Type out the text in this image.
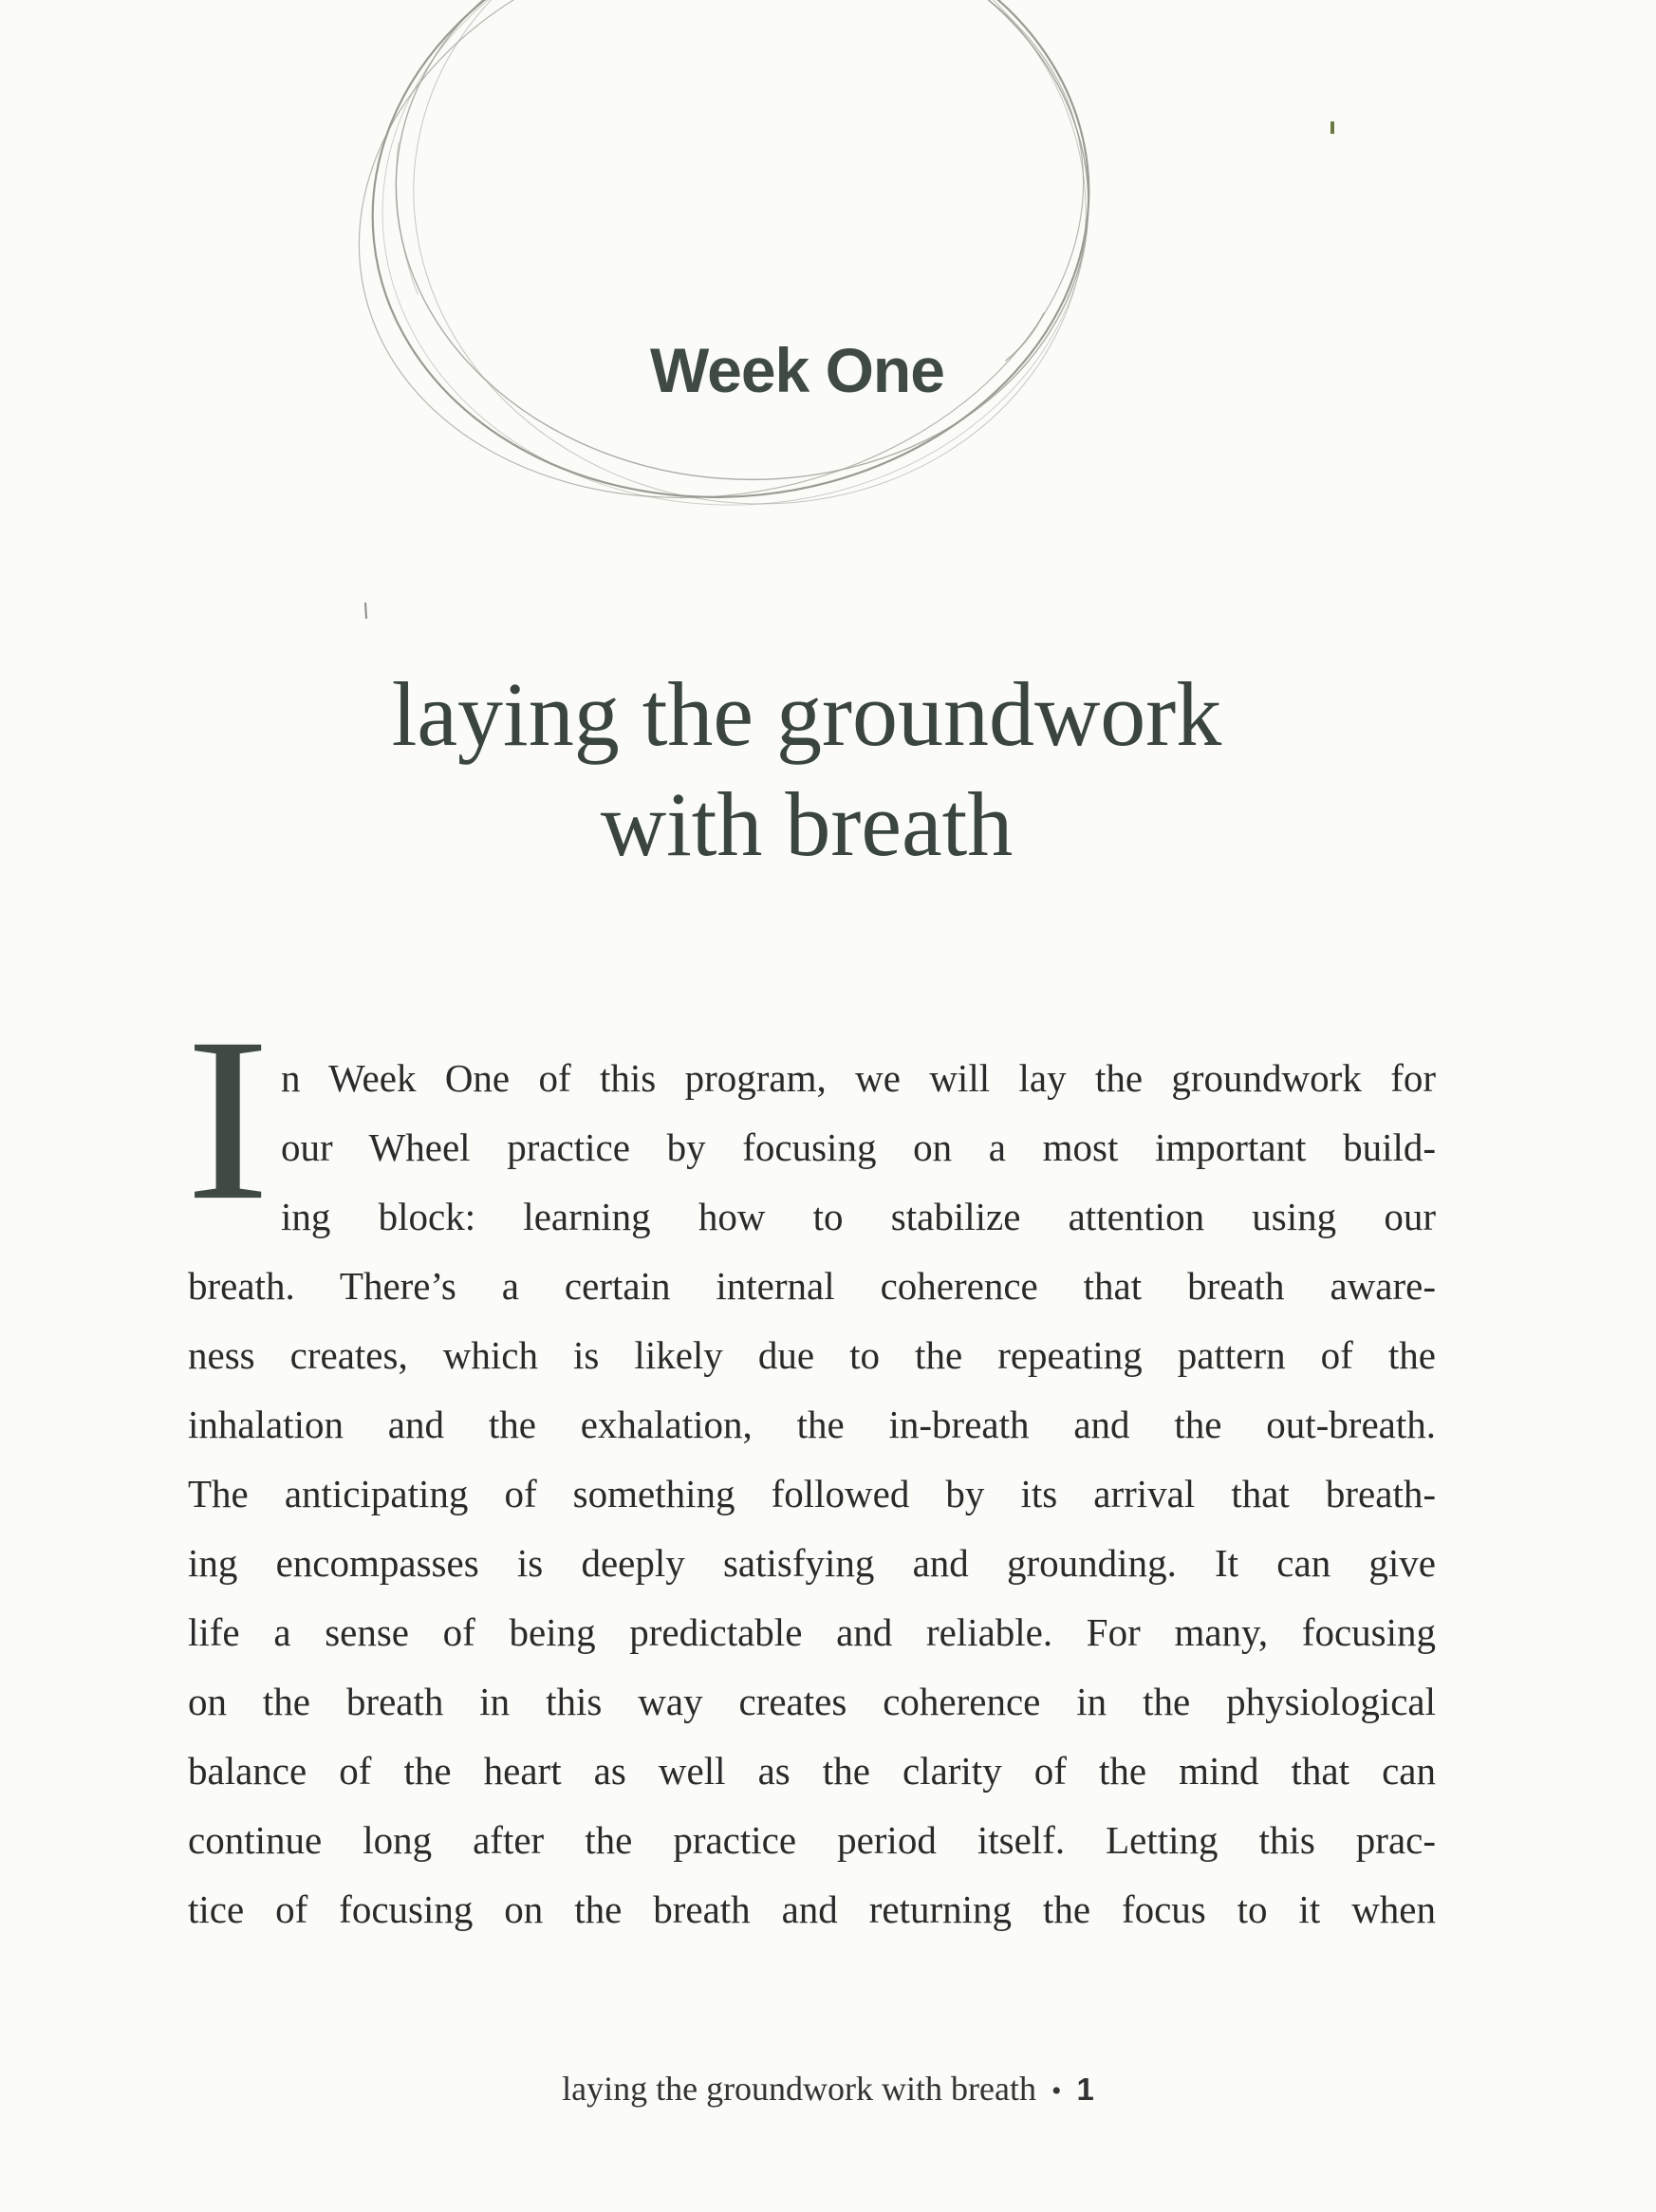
Week One
laying the groundwork
with breath
I n Week One of this program, we will lay the groundwork for
our Wheel practice by focusing on a most important build-
ing block: learning how to stabilize attention using our
breath. There’s a certain internal coherence that breath aware-
ness creates, which is likely due to the repeating pattern of the
inhalation and the exhalation, the in-breath and the out-breath.
The anticipating of something followed by its arrival that breath-
ing encompasses is deeply satisfying and grounding. It can give
life a sense of being predictable and reliable. For many, focusing
on the breath in this way creates coherence in the physiological
balance of the heart as well as the clarity of the mind that can
continue long after the practice period itself. Letting this prac-
tice of focusing on the breath and returning the focus to it when
laying the groundwork with breath • 1
